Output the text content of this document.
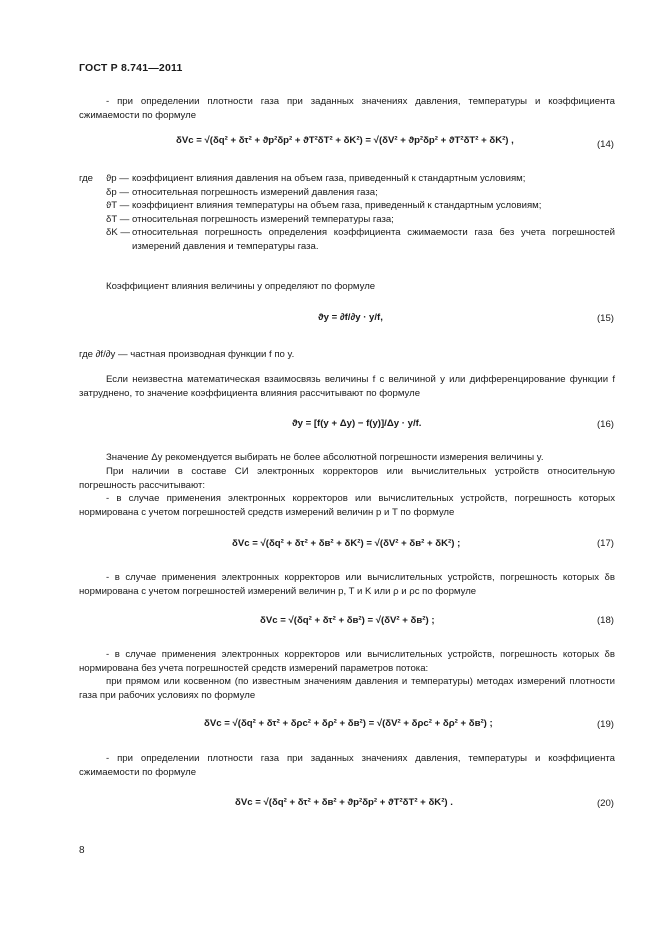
ГОСТ Р 8.741—2011
- при определении плотности газа при заданных значениях давления, температуры и коэффициента сжимаемости по формуле
δVc = √(δq² + δτ² + ϑp²δp² + ϑT²δT² + δK²) = √(δV² + ϑp²δp² + ϑT²δT² + δK²) ,	(14)
где	ϑp — коэффициент влияния давления на объем газа, приведенный к стандартным условиям;
δp — относительная погрешность измерений давления газа;
ϑT — коэффициент влияния температуры на объем газа, приведенный к стандартным условиям;
δT — относительная погрешность измерений температуры газа;
δK — относительная погрешность определения коэффициента сжимаемости газа без учета погрешностей измерений давления и температуры газа.
Коэффициент влияния величины y определяют по формуле
ϑy = ∂f/∂y · y/f,	(15)
где ∂f/∂y — частная производная функции f по y.
Если неизвестна математическая взаимосвязь величины f с величиной y или дифференцирование функции f затруднено, то значение коэффициента влияния рассчитывают по формуле
ϑy = [f(y + Δy) − f(y)]/Δy · y/f.	(16)
Значение Δy рекомендуется выбирать не более абсолютной погрешности измерения величины y.
При наличии в составе СИ электронных корректоров или вычислительных устройств относительную погрешность рассчитывают:
- в случае применения электронных корректоров или вычислительных устройств, погрешность которых нормирована с учетом погрешностей средств измерений величин p и T по формуле
δVc = √(δq² + δτ² + δв² + δK²) = √(δV² + δв² + δK²) ;	(17)
- в случае применения электронных корректоров или вычислительных устройств, погрешность которых δв нормирована с учетом погрешностей измерений величин p, T и K или ρ и ρc по формуле
δVc = √(δq² + δτ² + δв²) = √(δV² + δв²) ;	(18)
- в случае применения электронных корректоров или вычислительных устройств, погрешность которых δв нормирована без учета погрешностей средств измерений параметров потока:
при прямом или косвенном (по известным значениям давления и температуры) методах измерений плотности газа при рабочих условиях по формуле
δVc = √(δq² + δτ² + δρc² + δρ² + δв²) = √(δV² + δρc² + δρ² + δв²) ;	(19)
- при определении плотности газа при заданных значениях давления, температуры и коэффициента сжимаемости по формуле
δVc = √(δq² + δτ² + δв² + ϑp²δp² + ϑT²δT² + δK²) .	(20)
8
